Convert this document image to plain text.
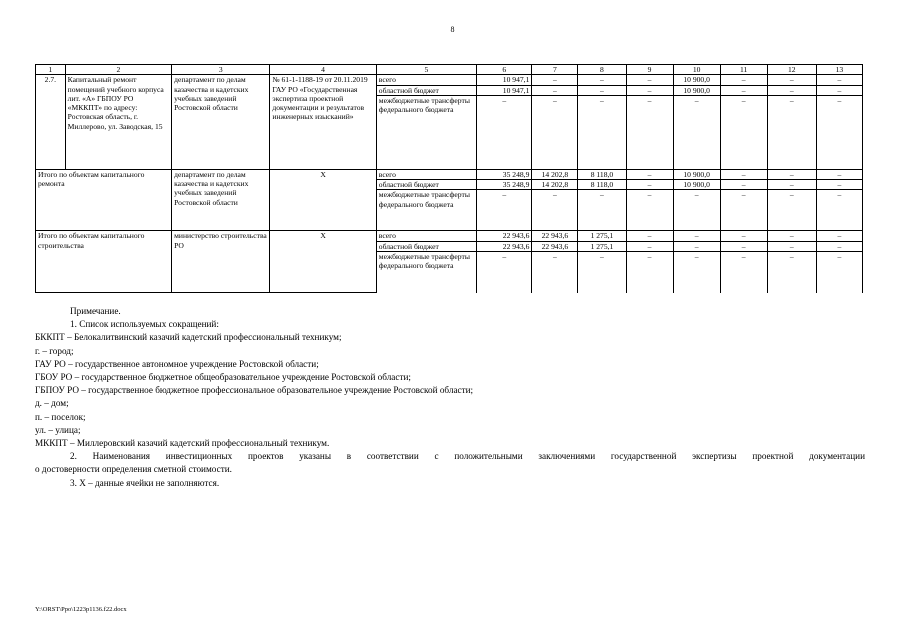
8
1	2	3	4	5	6	7	8	9	10	11	12	13
2.7.	Капитальный ремонт помещений учебного корпуса лит. «А» ГБПОУ РО «МККПТ» по адресу: Ростовская область, г. Миллерово, ул. Заводская, 15	департамент по делам казачества и кадетских учебных заведений Ростовской области	№ 61-1-1188-19 от 20.11.2019 ГАУ РО «Государственная экспертиза проектной документации и результатов инженерных изысканий»	всего	10 947,1	–	–	–	10 900,0	–	–	–
				областной бюджет	10 947,1	–	–	–	10 900,0	–	–	–
				межбюджетные трансферты федерального бюджета	–	–	–	–	–	–	–	–
Итого по объектам капитального ремонта		департамент по делам казачества и кадетских учебных заведений Ростовской области	Х	всего	35 248,9	14 202,8	8 118,0	–	10 900,0	–	–	–
				областной бюджет	35 248,9	14 202,8	8 118,0	–	10 900,0	–	–	–
				межбюджетные трансферты федерального бюджета	–	–	–	–	–	–	–	–
Итого по объектам капитального строительства		министерство строительства РО	Х	всего	22 943,6	22 943,6	1 275,1	–	–	–	–	–
				областной бюджет	22 943,6	22 943,6	1 275,1	–	–	–	–	–
				межбюджетные трансферты федерального бюджета	–	–	–	–	–	–	–	–

Примечание.

1. Список используемых сокращений:

БККПТ – Белокалитвинский казачий кадетский профессиональный техникум;

г. – город;

ГАУ РО – государственное автономное учреждение Ростовской области;

ГБОУ РО – государственное бюджетное общеобразовательное учреждение Ростовской области;

ГБПОУ РО – государственное бюджетное профессиональное образовательное учреждение Ростовской области;

д. – дом;

п. – поселок;

ул. – улица;

МККПТ – Миллеровский казачий кадетский профессиональный техникум.

2. Наименования инвестиционных проектов указаны в соответствии с положительными заключениями государственной экспертизы проектной документации

о достоверности определения сметной стоимости.

3. Х – данные ячейки не заполняются.

Y:\ORST\Ppo\1223p1136.f22.docx
